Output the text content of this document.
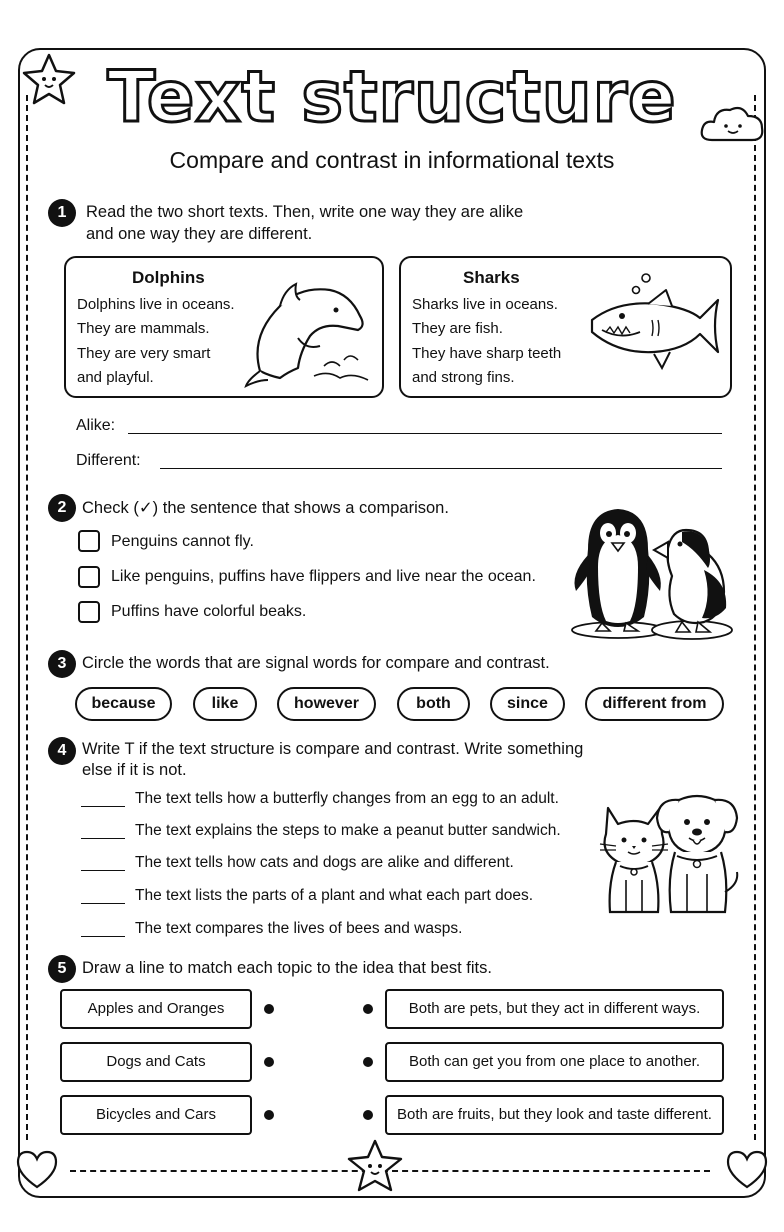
Text structure
Compare and contrast in informational texts
1	Read the two short texts. Then, write one way they are alike
and one way they are different.
Dolphins
Dolphins live in oceans.
They are mammals.
They are very smart
and playful.
Sharks
Sharks live in oceans.
They are fish.
They have sharp teeth
and strong fins.
Alike:
Different:
2 Check (✓) the sentence that shows a comparison.
Penguins cannot fly.
Like penguins, puffins have flippers and live near the ocean.
Puffins have colorful beaks.
3 Circle the words that are signal words for compare and contrast.
because	like	however	both	since	different from
4 Write T if the text structure is compare and contrast. Write something
else if it is not.
The text tells how a butterfly changes from an egg to an adult.
The text explains the steps to make a peanut butter sandwich.
The text tells how cats and dogs are alike and different.
The text lists the parts of a plant and what each part does.
The text compares the lives of bees and wasps.
5 Draw a line to match each topic to the idea that best fits.
Apples and Oranges	Both are pets, but they act in different ways.
Dogs and Cats	Both can get you from one place to another.
Bicycles and Cars	Both are fruits, but they look and taste different.
